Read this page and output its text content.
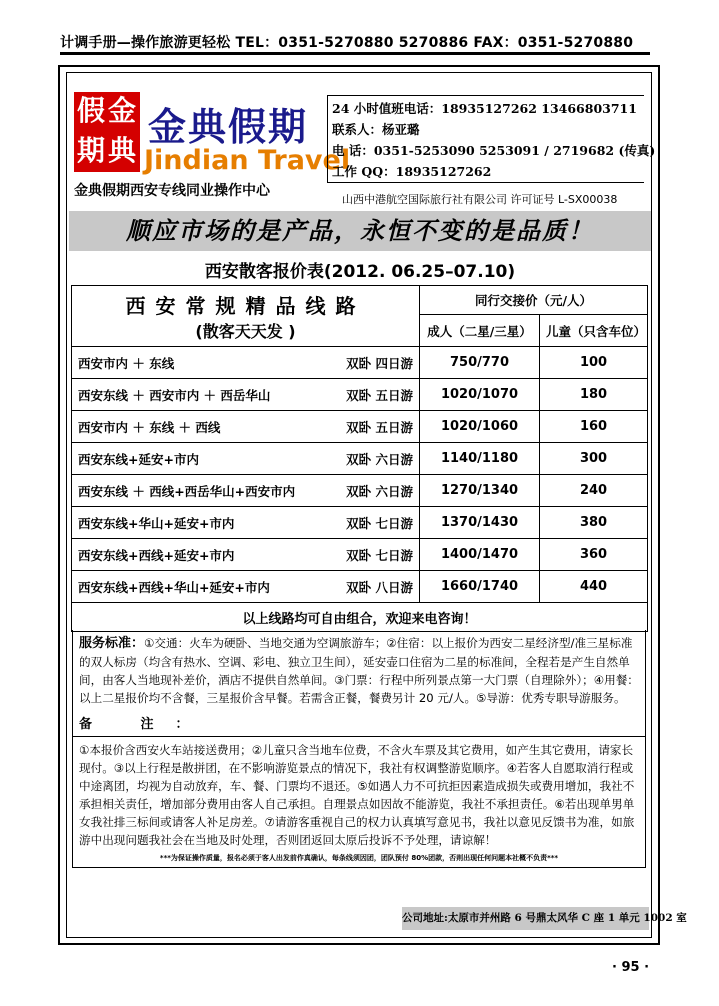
计调手册—操作旅游更轻松 TEL：0351-5270880 5270886 FAX：0351-5270880
假 金
期 典
金典假期
Jindian Travel
金典假期西安专线同业操作中心
24 小时值班电话：18935127262 13466803711
联系人：杨亚璐
电 话：0351-5253090 5253091 / 2719682 (传真)
工作 QQ：18935127262
山西中港航空国际旅行社有限公司 许可证号 L-SX00038
顺应市场的是产品，永恒不变的是品质！
西安散客报价表(2012. 06.25–07.10)
西安常规精品线路
(散客天天发 )	同行交接价（元/人）	
	成人（二星/三星）	儿童（只含车位）

西安市内 ＋ 东线 双卧 四日游	750/770	100

西安东线 ＋ 西安市内 ＋ 西岳华山 双卧 五日游	1020/1070	180

西安市内 ＋ 东线 ＋ 西线 双卧 五日游	1020/1060	160

西安东线+延安+市内 双卧 六日游	1140/1180	300

西安东线 ＋ 西线+西岳华山+西安市内 双卧 六日游	1270/1340	240

西安东线+华山+延安+市内 双卧 七日游	1370/1430	380

西安东线+西线+延安+市内 双卧 七日游	1400/1470	360

西安东线+西线+华山+延安+市内 双卧 八日游	1660/1740	440
以上线路均可自由组合，欢迎来电咨询！		

服务标准：①交通：火车为硬卧、当地交通为空调旅游车；②住宿：以上报价为西安二星经济型/准三星标准的双人标房（均含有热水、空调、彩电、独立卫生间），延安壶口住宿为二星的标准间，全程若是产生自然单间，由客人当地现补差价，酒店不提供自然单间。③门票：行程中所列景点第一大门票（自理除外）；④用餐：以上二星报价均不含餐，三星报价含早餐。若需含正餐，餐费另计 20 元/人。⑤导游：优秀专职导游服务。

备 注：

①本报价含西安火车站接送费用；②儿童只含当地车位费，不含火车票及其它费用，如产生其它费用，请家长现付。③以上行程是散拼团，在不影响游览景点的情况下，我社有权调整游览顺序。④若客人自愿取消行程或中途离团，均视为自动放弃，车、餐、门票均不退还。⑤如遇人力不可抗拒因素造成损失或费用增加，我社不承担相关责任，增加部分费用由客人自己承担。自理景点如因故不能游览，我社不承担责任。⑥若出现单男单女我社排三标间或请客人补足房差。⑦请游客重视自己的权力认真填写意见书，我社以意见反馈书为准，如旅游中出现问题我社会在当地及时处理，否则团返回太原后投诉不予处理，请谅解！

***为保证操作质量，报名必须于客人出发前作真确认，每条线须因团，团队预付 80%团款，否则出现任何问题本社概不负责***
公司地址:太原市并州路 6 号鼎太风华 C 座 1 单元 1002 室
· 95 ·
